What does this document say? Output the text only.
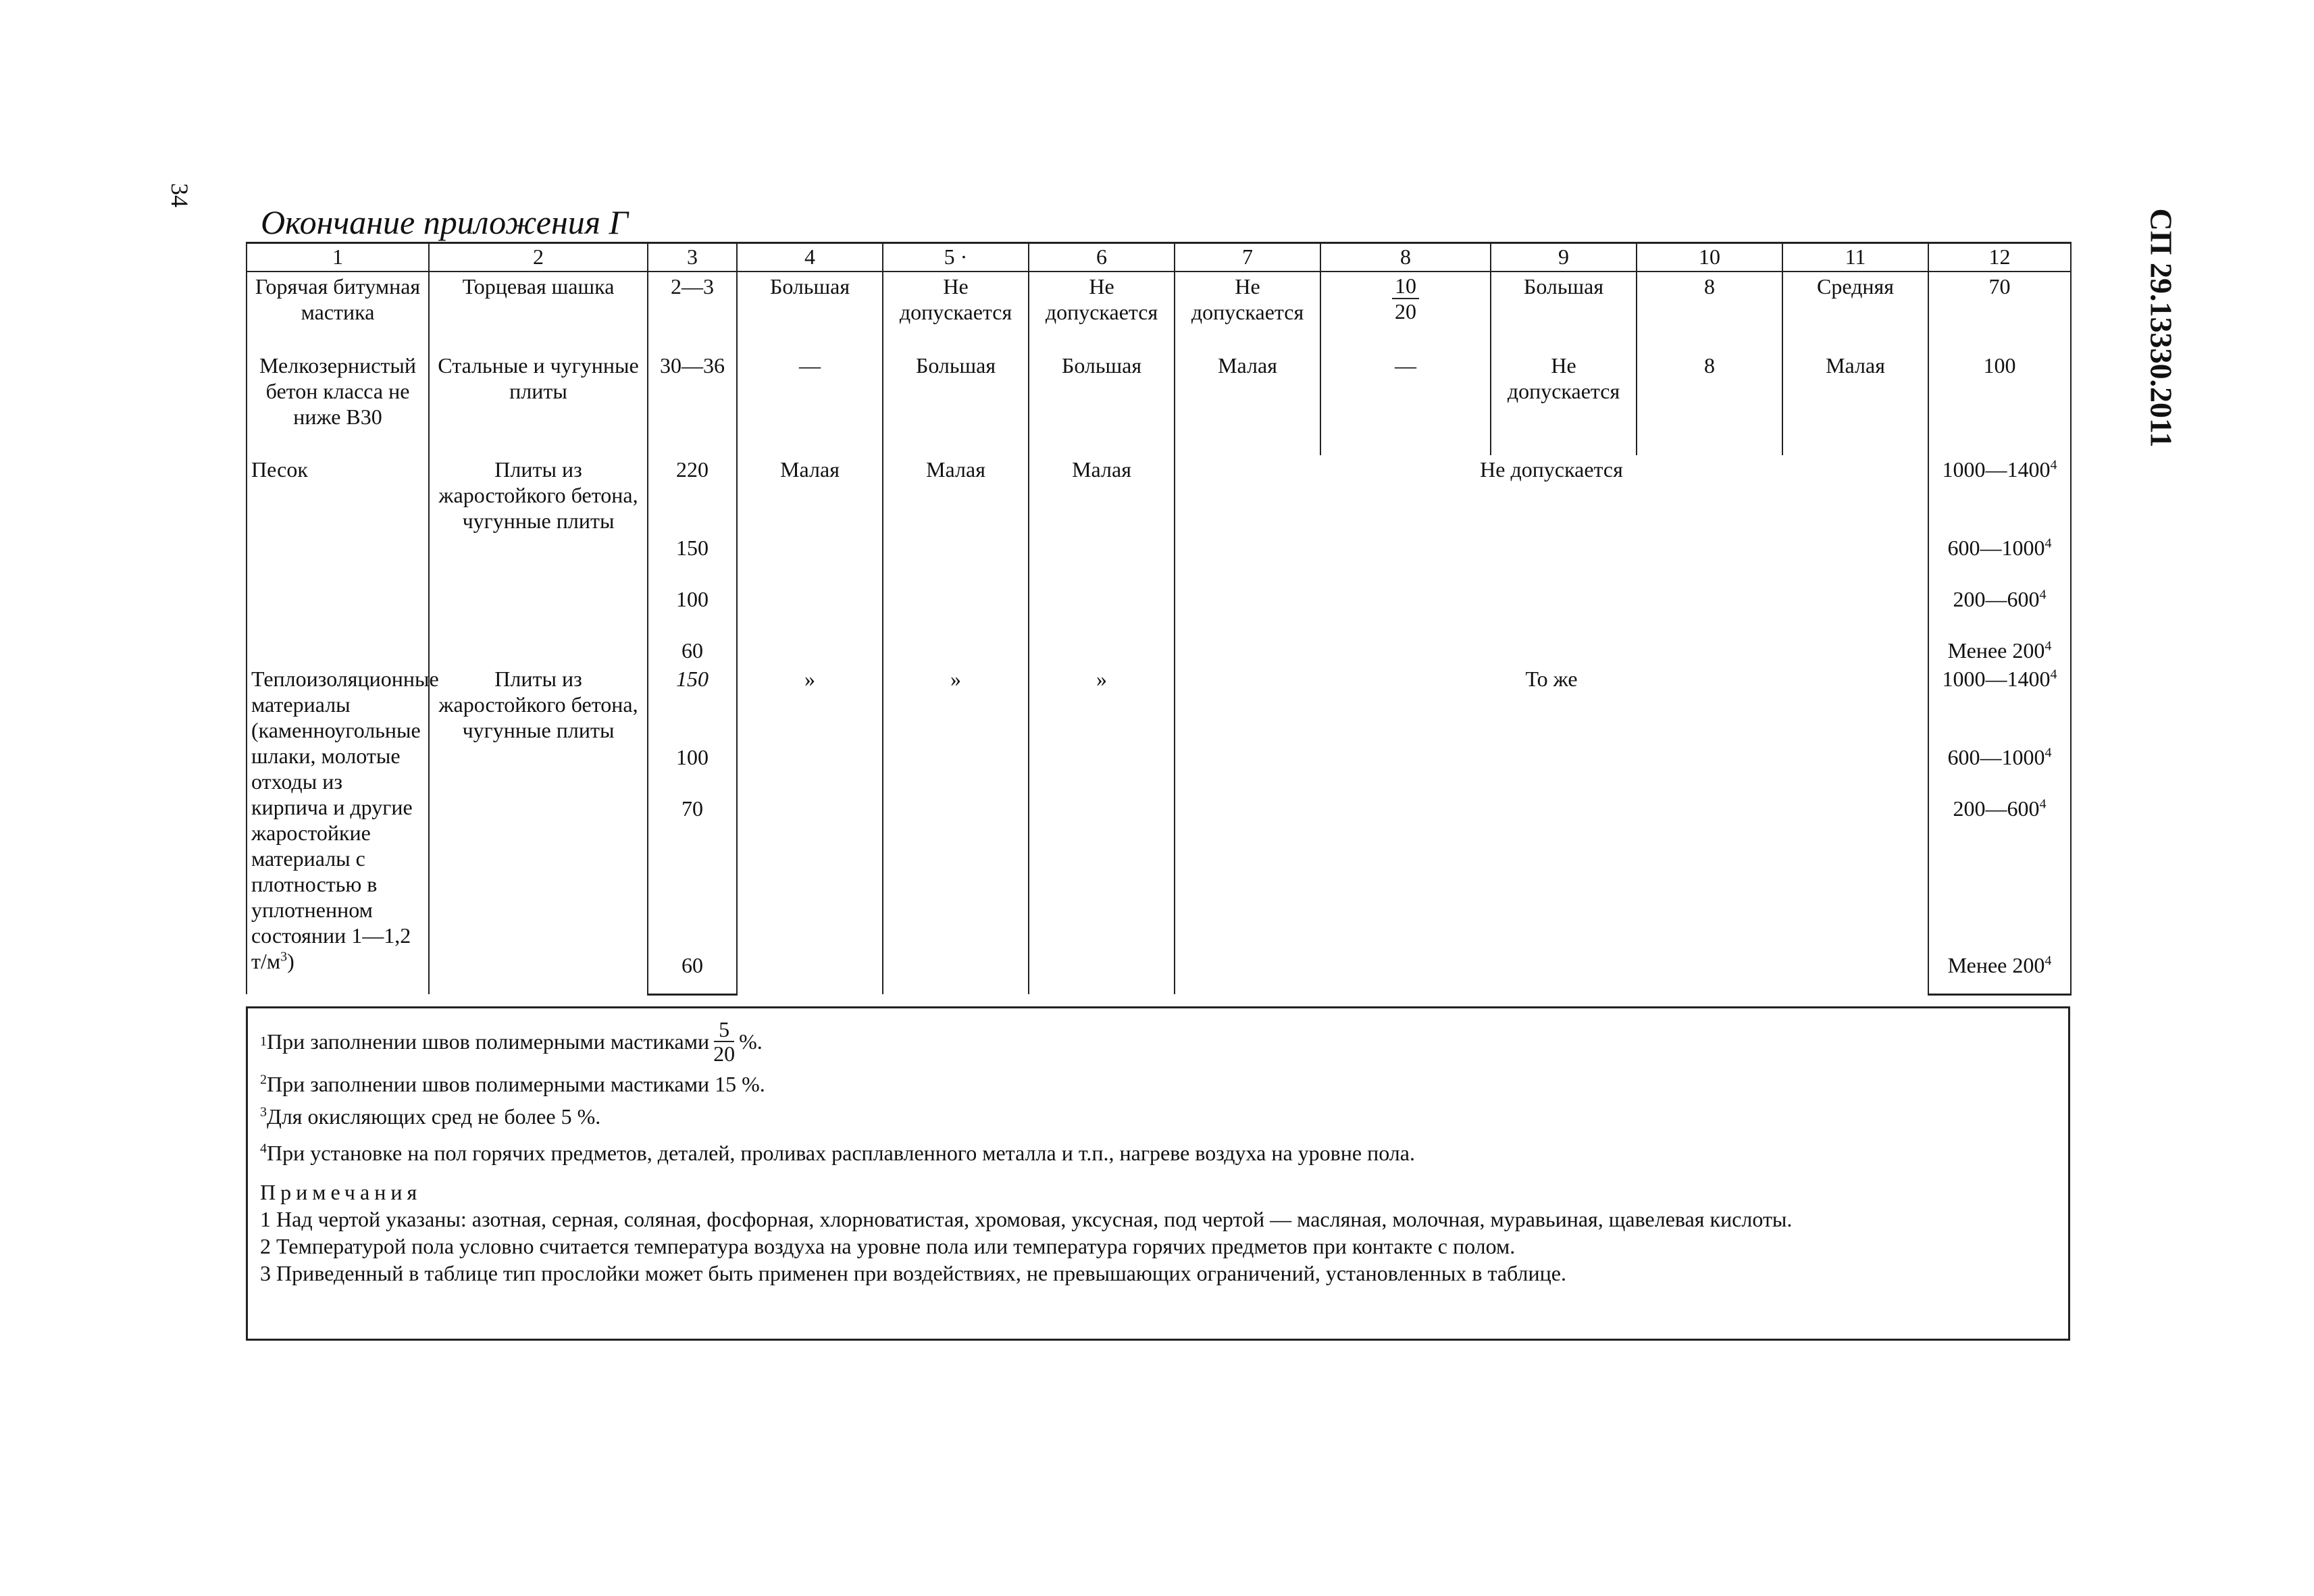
34
СП 29.13330.2011
Окончание приложения Г
1	2	3	4	5 ·	6	7	8	9	10	11	12
Горячая битумная мастика	Торцевая шашка	2—3	Большая	Не допускается	Не допускается	Не допускается	$\frac{10}{20}$	Большая	8	Средняя	70
Мелкозернистый бетон класса не ниже В30	Стальные и чугунные плиты	30—36	—	Большая	Большая	Малая	—	Не допускается	8	Малая	100
Песок	Плиты из жаростойкого бетона, чугунные плиты	220	Малая	Малая	Малая	Не допускается					1000—1400$^4$
		150									600—1000$^4$
		100									$200—600^4$
		60									Менее $200^4$
Теплоизоляционные материалы (каменноугольные шлаки, молотые отходы из кирпича и другие жаростойкие материалы с плотностью в уплотненном состоянии 1—1,2 $т/м^3$)	Плиты из жаростойкого бетона, чугунные плиты	150	»	»	»	То же					1000—1400$^4$
		100									600—1000$^4$
		70									$200—600^4$
		60									Менее $200^4$
1 При заполнении швов полимерными мастиками 5
20 %.

$^2$При заполнении швов полимерными мастиками 15 %.

$^3$Для окисляющих сред не более 5 %.

$^4$При установке на пол горячих предметов, деталей, проливах расплавленного металла и т.п., нагреве воздуха на уровне пола.

Примечания

1 Над чертой указаны: азотная, серная, соляная, фосфорная, хлорноватистая, хромовая, уксусная, под чертой — масляная, молочная, муравьиная, щавелевая кислоты.

2 Температурой пола условно считается температура воздуха на уровне пола или температура горячих предметов при контакте с полом.

3 Приведенный в таблице тип прослойки может быть применен при воздействиях, не превышающих ограничений, установленных в таблице.
